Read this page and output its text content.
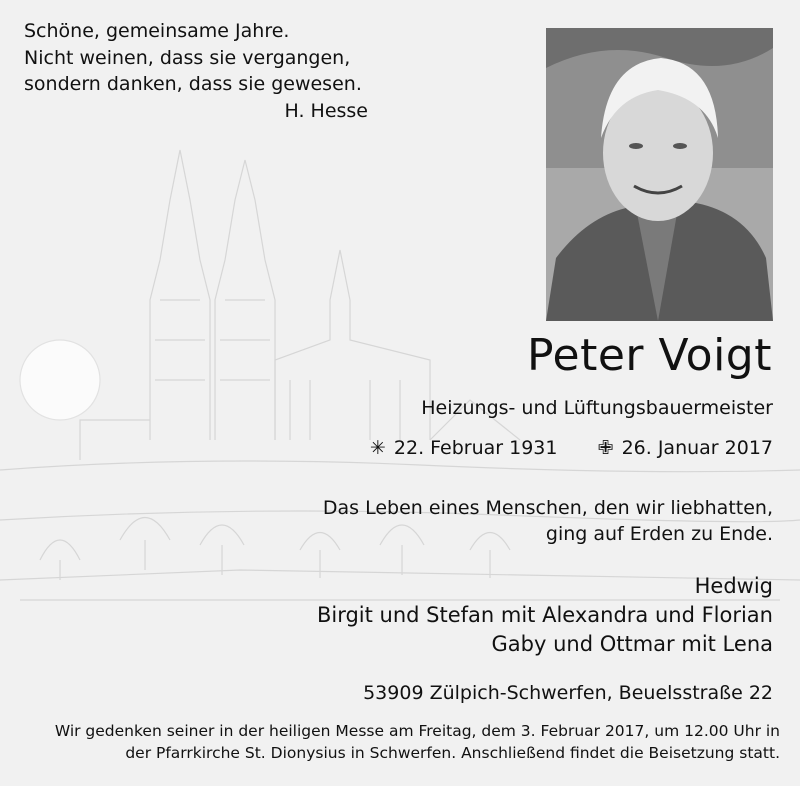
Schöne, gemeinsame Jahre.
Nicht weinen, dass sie vergangen,
sondern danken, dass sie gewesen.
H. Hesse
Peter Voigt
Heizungs- und Lüftungsbauermeister
✳ 22. Februar 1931 ✙ 26. Januar 2017
Das Leben eines Menschen, den wir liebhatten,
ging auf Erden zu Ende.
Hedwig
Birgit und Stefan mit Alexandra und Florian
Gaby und Ottmar mit Lena
53909 Zülpich-Schwerfen, Beuelsstraße 22
Wir gedenken seiner in der heiligen Messe am Freitag, dem 3. Februar 2017, um 12.00 Uhr in
der Pfarrkirche St. Dionysius in Schwerfen. Anschließend findet die Beisetzung statt.
